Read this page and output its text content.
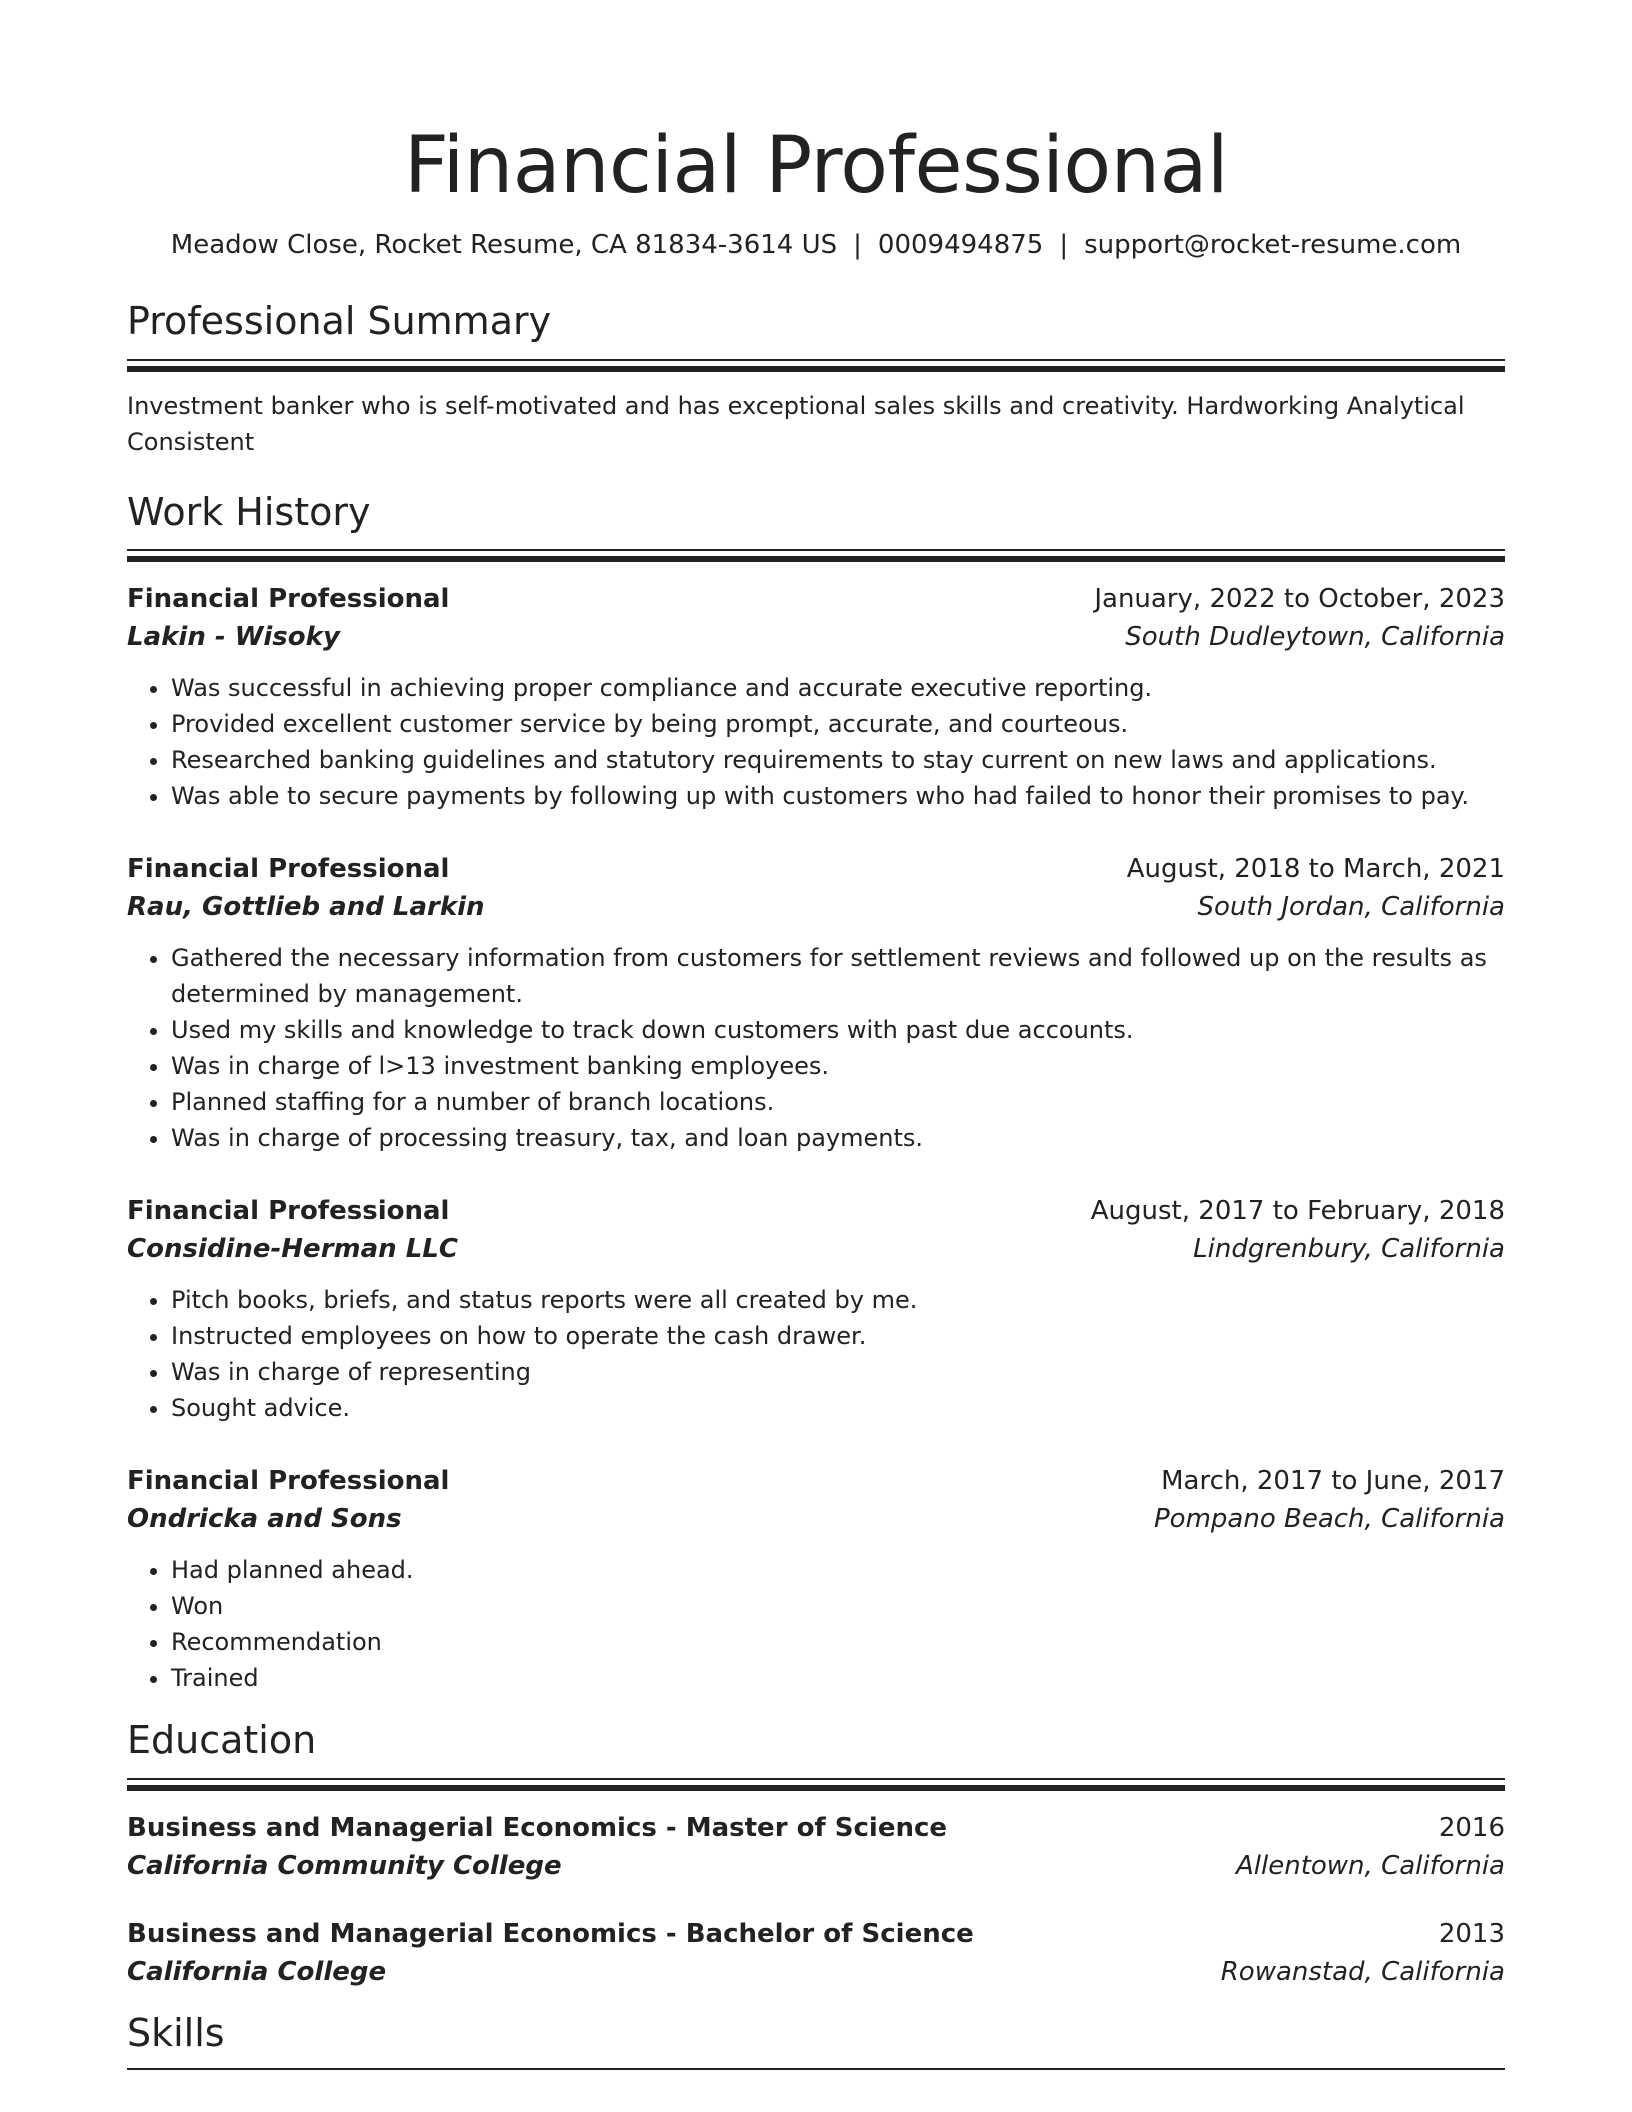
Financial Professional
Meadow Close, Rocket Resume, CA 81834-3614 US | 0009494875 | support@rocket-resume.com
Professional Summary
Investment banker who is self-motivated and has exceptional sales skills and creativity. Hardworking Analytical Consistent
Work History
Financial Professional	January, 2022 to October, 2023
Lakin - Wisoky	South Dudleytown, California
• Was successful in achieving proper compliance and accurate executive reporting.
• Provided excellent customer service by being prompt, accurate, and courteous.
• Researched banking guidelines and statutory requirements to stay current on new laws and applications.
• Was able to secure payments by following up with customers who had failed to honor their promises to pay.
Financial Professional	August, 2018 to March, 2021
Rau, Gottlieb and Larkin	South Jordan, California
• Gathered the necessary information from customers for settlement reviews and followed up on the results as determined by management.
• Used my skills and knowledge to track down customers with past due accounts.
• Was in charge of l>13 investment banking employees.
• Planned staffing for a number of branch locations.
• Was in charge of processing treasury, tax, and loan payments.
Financial Professional	August, 2017 to February, 2018
Considine-Herman LLC	Lindgrenbury, California
• Pitch books, briefs, and status reports were all created by me.
• Instructed employees on how to operate the cash drawer.
• Was in charge of representing
• Sought advice.
Financial Professional	March, 2017 to June, 2017
Ondricka and Sons	Pompano Beach, California
• Had planned ahead.
• Won
• Recommendation
• Trained
Education
Business and Managerial Economics - Master of Science	2016
California Community College	Allentown, California
Business and Managerial Economics - Bachelor of Science	2013
California College	Rowanstad, California
Skills
